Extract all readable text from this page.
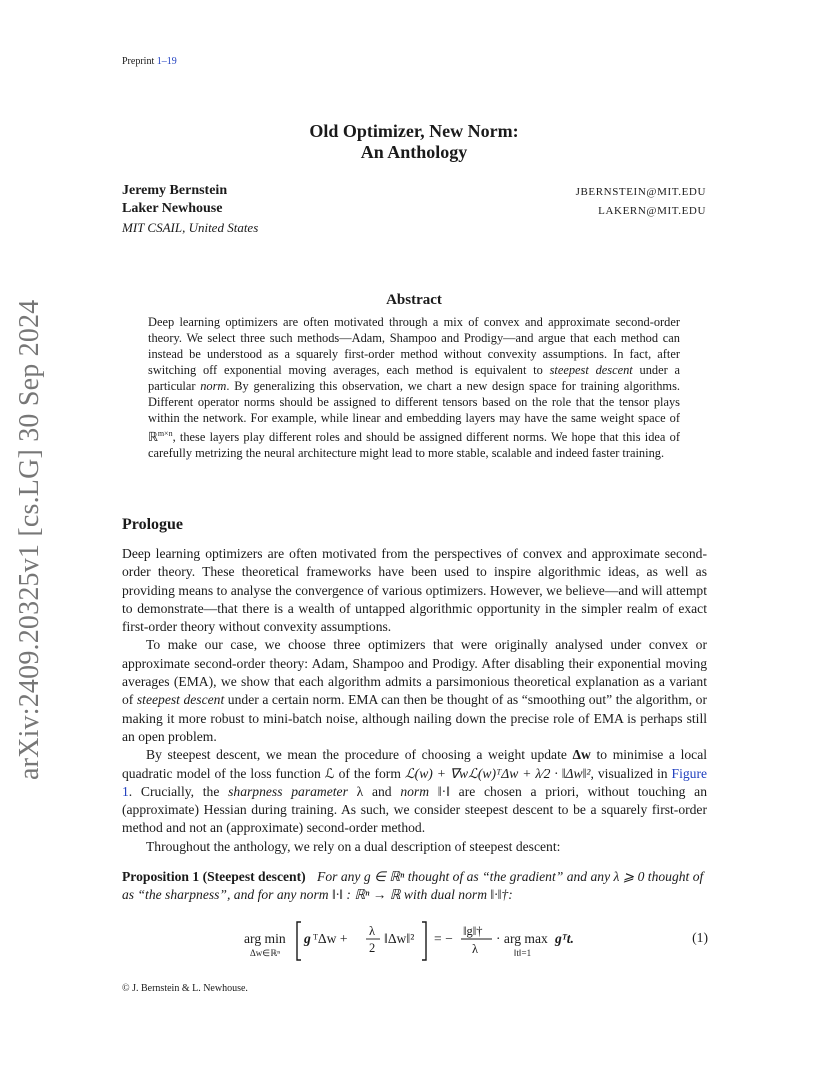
Preprint 1–19
arXiv:2409.20325v1 [cs.LG] 30 Sep 2024
Old Optimizer, New Norm:
An Anthology
Jeremy Bernstein	JBERNSTEIN@MIT.EDU
Laker Newhouse	LAKERN@MIT.EDU
MIT CSAIL, United States
Abstract
Deep learning optimizers are often motivated through a mix of convex and approximate second-order theory. We select three such methods—Adam, Shampoo and Prodigy—and argue that each method can instead be understood as a squarely first-order method without convexity assumptions. In fact, after switching off exponential moving averages, each method is equivalent to steepest descent under a particular norm. By generalizing this observation, we chart a new design space for training algorithms. Different operator norms should be assigned to different tensors based on the role that the tensor plays within the network. For example, while linear and embedding layers may have the same weight space of ℝ$^{m\times n}$, these layers play different roles and should be assigned different norms. We hope that this idea of carefully metrizing the neural architecture might lead to more stable, scalable and indeed faster training.
Prologue

Deep learning optimizers are often motivated from the perspectives of convex and approximate second-order theory. These theoretical frameworks have been used to inspire algorithmic ideas, as well as providing means to analyse the convergence of various optimizers. However, we believe—and will attempt to demonstrate—that there is a wealth of untapped algorithmic opportunity in the simpler realm of exact first-order theory without convexity assumptions.

To make our case, we choose three optimizers that were originally analysed under convex or approximate second-order theory: Adam, Shampoo and Prodigy. After disabling their exponential moving averages (EMA), we show that each algorithm admits a parsimonious theoretical explanation as a variant of steepest descent under a certain norm. EMA can then be thought of as “smoothing out” the algorithm, or making it more robust to mini-batch noise, although nailing down the precise role of EMA is perhaps still an open problem.

By steepest descent, we mean the procedure of choosing a weight update Δw to minimise a local quadratic model of the loss function ℒ of the form ℒ(w) + ∇wℒ(w)ᵀΔw + λ⁄2 · ‖Δw‖², visualized in Figure 1. Crucially, the sharpness parameter λ and norm ‖·‖ are chosen a priori, without touching an (approximate) Hessian during training. As such, we consider steepest descent to be a squarely first-order method and not an (approximate) second-order method.

Throughout the anthology, we rely on a dual description of steepest descent:

Proposition 1 (Steepest descent) For any g ∈ ℝⁿ thought of as “the gradient” and any λ ⩾ 0 thought of as “the sharpness”, and for any norm ‖·‖ : ℝⁿ → ℝ with dual norm ‖·‖†:
arg min
Δw∈ℝⁿ
g ᵀΔw + λ
2
‖Δw‖² = − ‖g‖†
λ
· arg max
‖t‖=1
gᵀt.	(1)
© J. Bernstein & L. Newhouse.
